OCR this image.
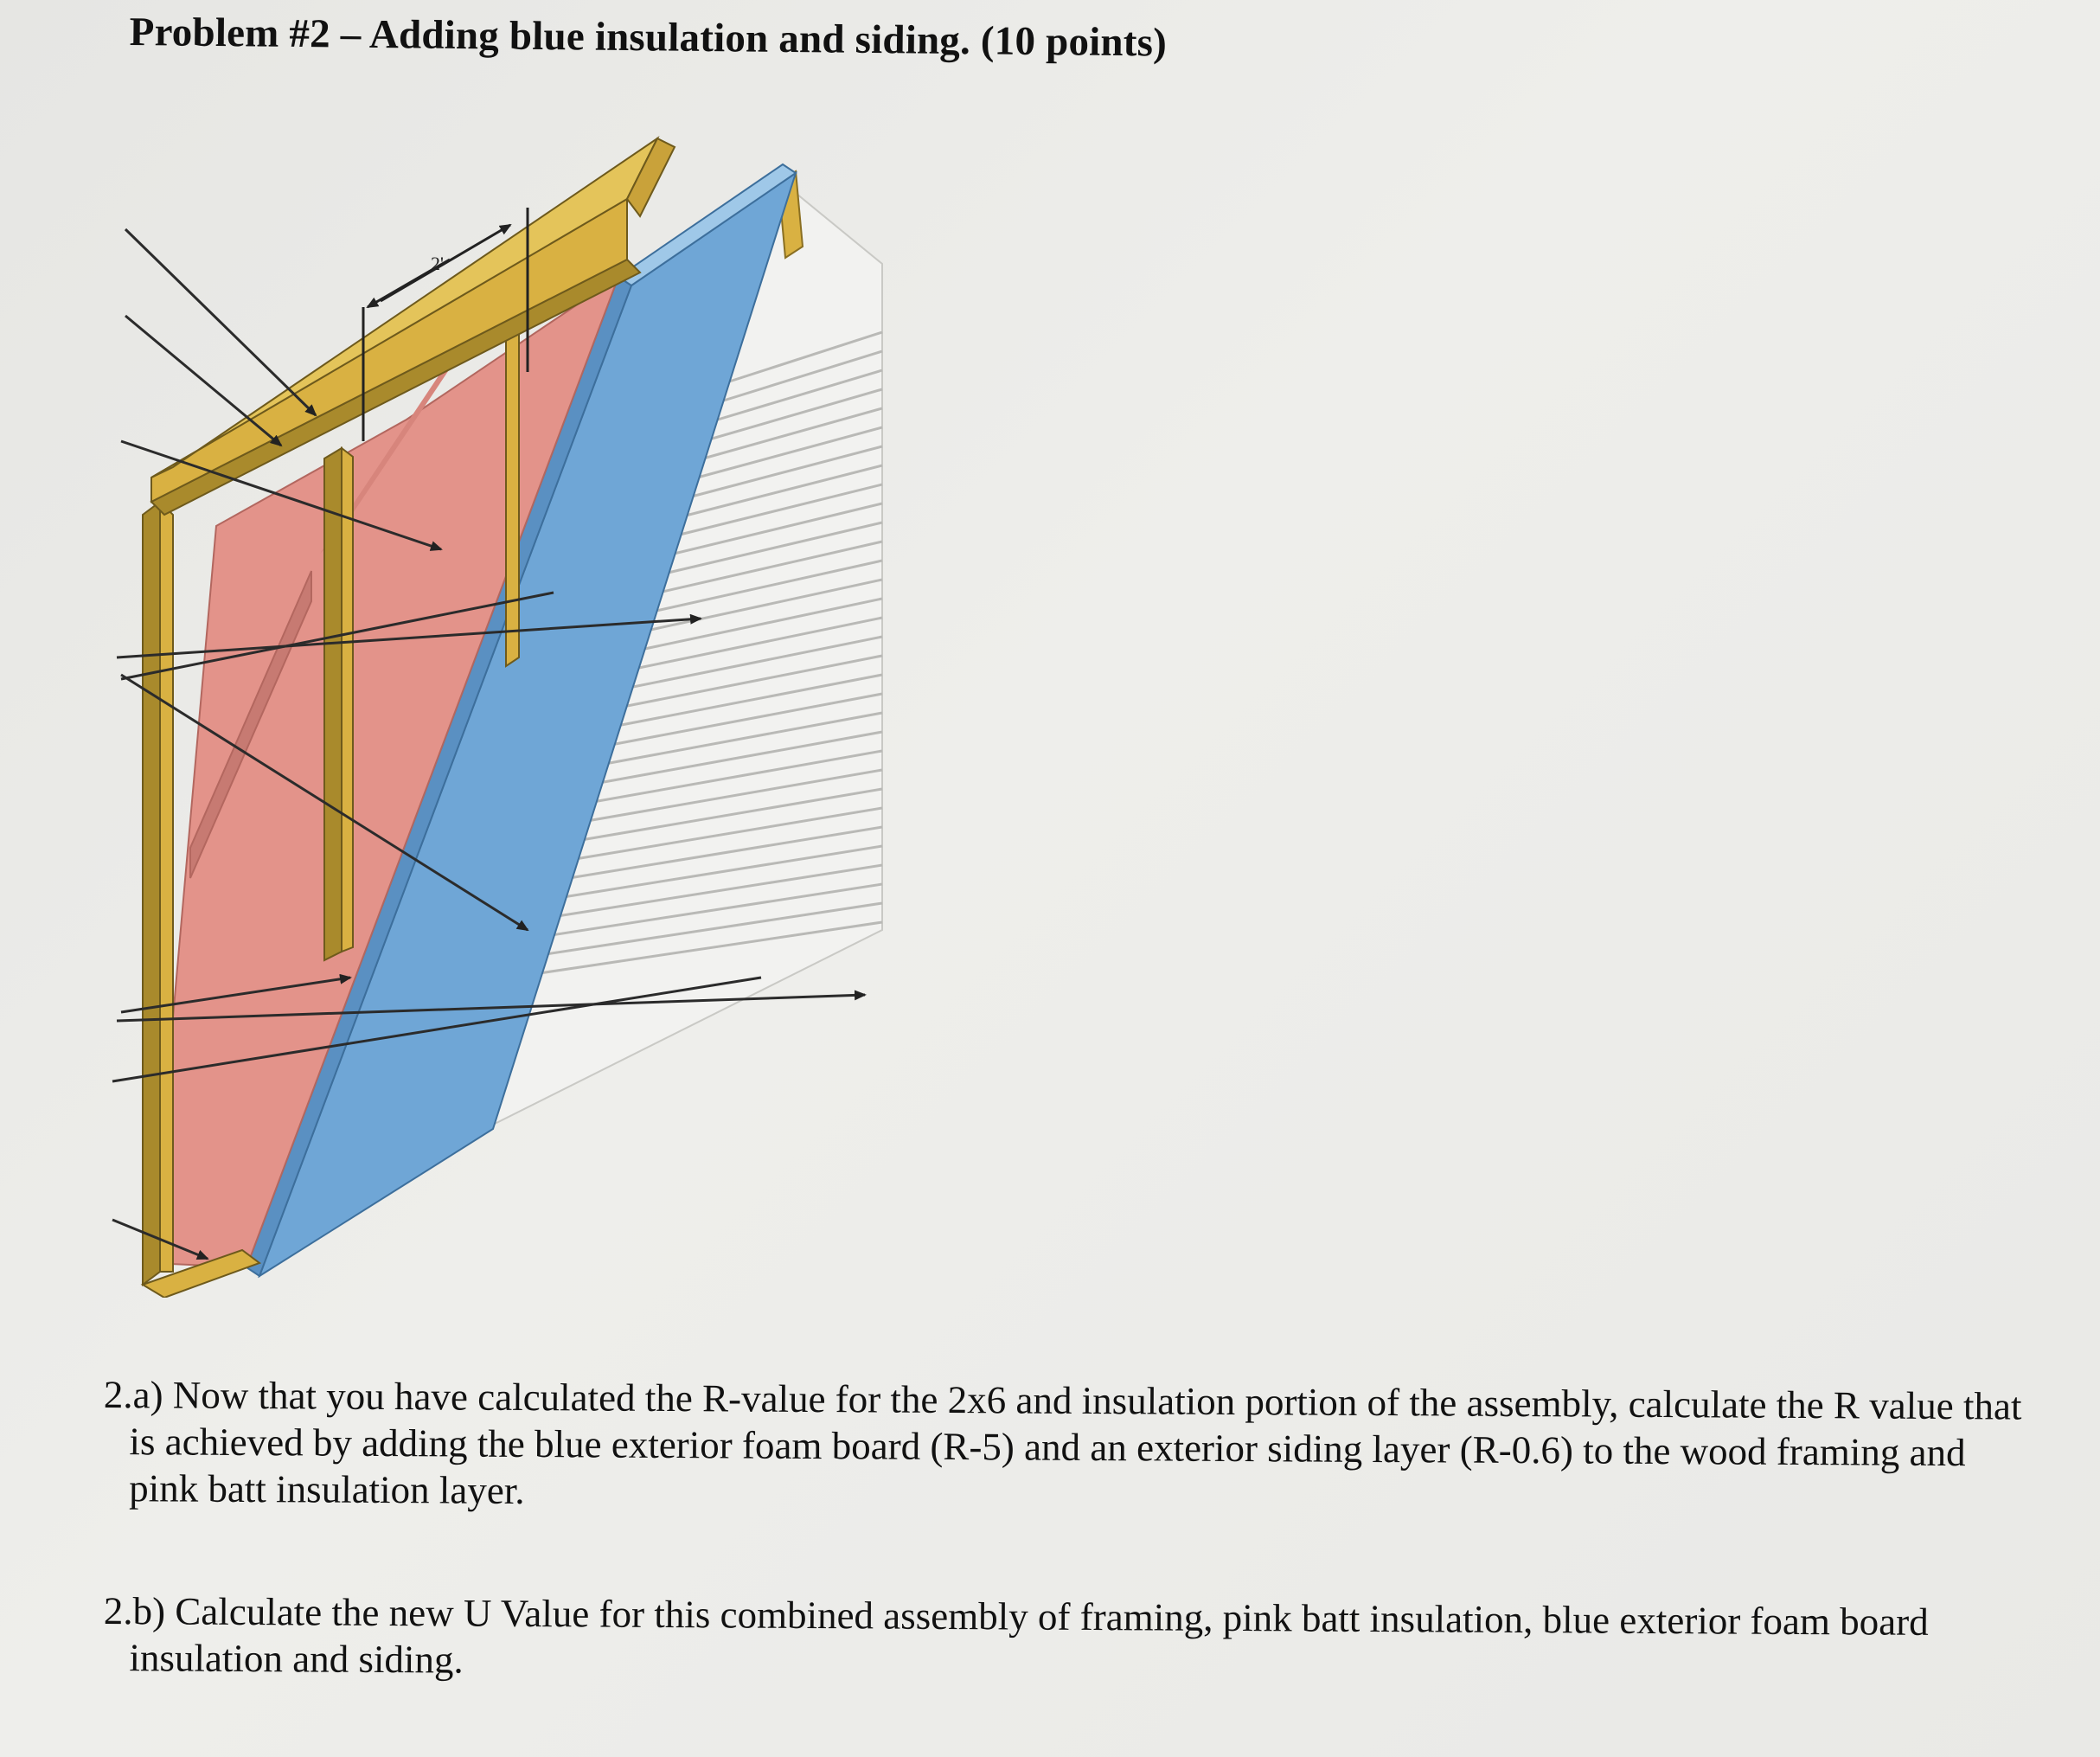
Problem #2 – Adding blue insulation and siding. (10 points)
2'
2.a) Now that you have calculated the R-value for the 2x6 and insulation portion of the assembly, calculate the R value that is achieved by adding the blue exterior foam board (R-5) and an exterior siding layer (R-0.6) to the wood framing and pink batt insulation layer.
2.b) Calculate the new U Value for this combined assembly of framing, pink batt insulation, blue exterior foam board insulation and siding.
